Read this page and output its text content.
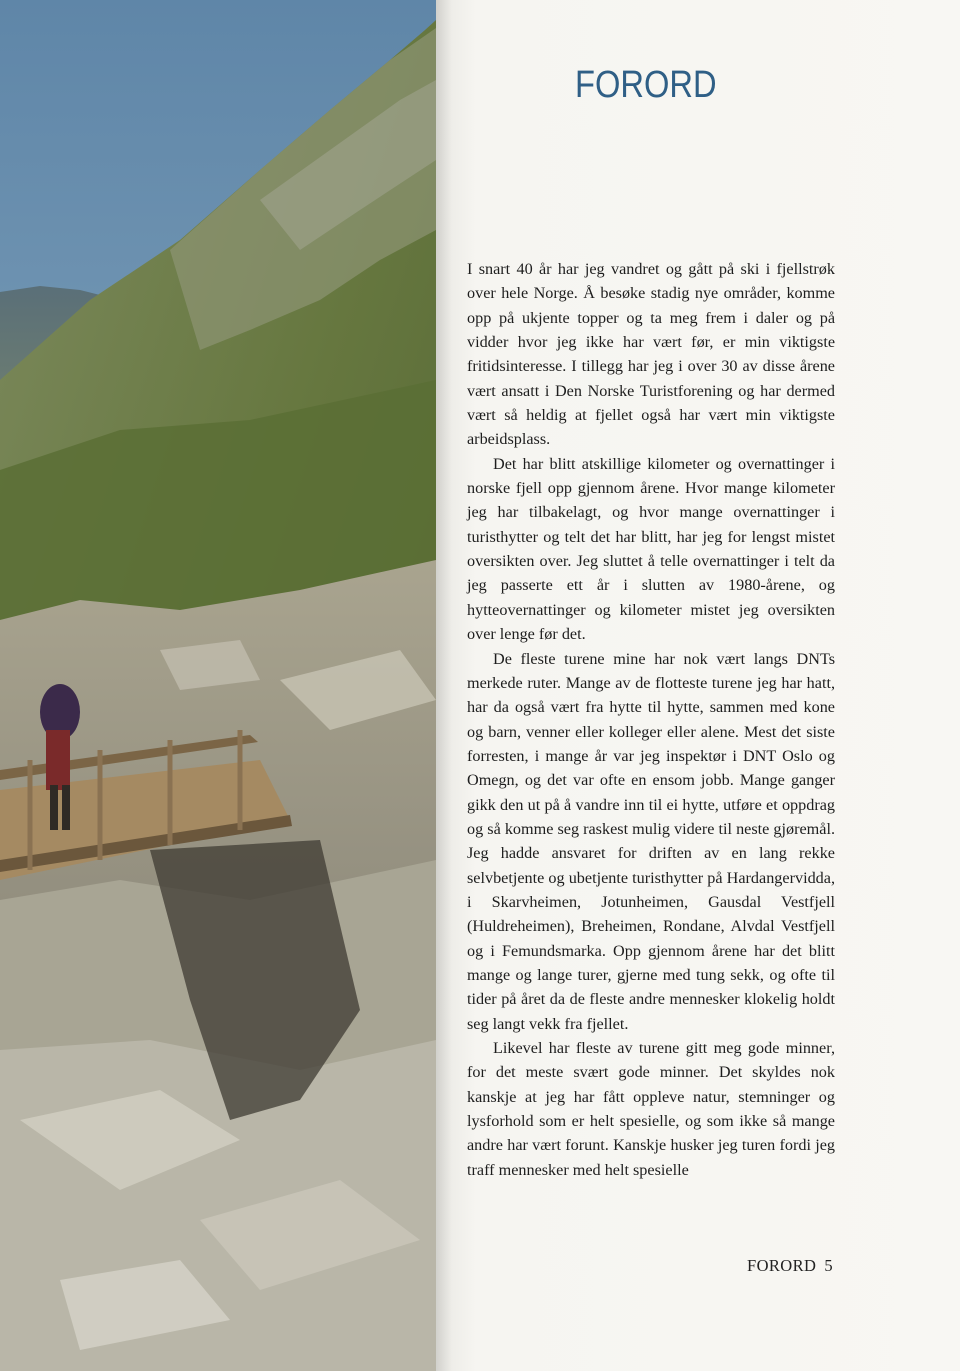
FORORD

I snart 40 år har jeg vandret og gått på ski i fjellstrøk over hele Norge. Å besøke stadig nye områder, komme opp på ukjente topper og ta meg frem i daler og på vidder hvor jeg ikke har vært før, er min viktigste fritidsinteresse. I tillegg har jeg i over 30 av disse årene vært ansatt i Den Norske Turistforening og har dermed vært så heldig at fjellet også har vært min viktigste arbeidsplass.

Det har blitt atskillige kilometer og overnattinger i norske fjell opp gjennom årene. Hvor mange kilometer jeg har tilbakelagt, og hvor mange overnattinger i turisthytter og telt det har blitt, har jeg for lengst mistet oversikten over. Jeg sluttet å telle overnattinger i telt da jeg passerte ett år i slutten av 1980-årene, og hytteovernattinger og kilometer mistet jeg oversikten over lenge før det.

De fleste turene mine har nok vært langs DNTs merkede ruter. Mange av de flotteste turene jeg har hatt, har da også vært fra hytte til hytte, sammen med kone og barn, venner eller kolleger eller alene. Mest det siste forresten, i mange år var jeg inspektør i DNT Oslo og Omegn, og det var ofte en ensom jobb. Mange ganger gikk den ut på å vandre inn til ei hytte, utføre et oppdrag og så komme seg raskest mulig videre til neste gjøremål. Jeg hadde ansvaret for driften av en lang rekke selvbetjente og ubetjente turisthytter på Hardangervidda, i Skarvheimen, Jotunheimen, Gausdal Vestfjell (Huldreheimen), Breheimen, Rondane, Alvdal Vestfjell og i Femundsmarka. Opp gjennom årene har det blitt mange og lange turer, gjerne med tung sekk, og ofte til tider på året da de fleste andre mennesker klokelig holdt seg langt vekk fra fjellet.

Likevel har fleste av turene gitt meg gode minner, for det meste svært gode minner. Det skyldes nok kanskje at jeg har fått oppleve natur, stemninger og lysforhold som er helt spesielle, og som ikke så mange andre har vært forunt. Kanskje husker jeg turen fordi jeg traff mennesker med helt spesielle

FORORD 5
